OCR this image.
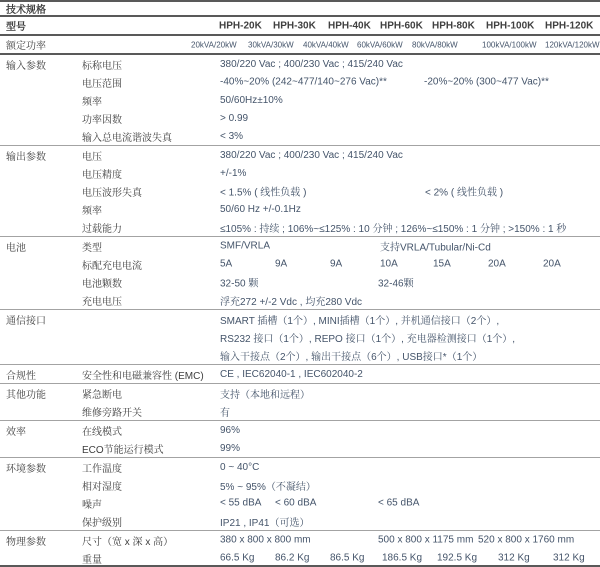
技术规格
型号	HPH-20K HPH-30K HPH-40K HPH-60K HPH-80K HPH-100K HPH-120K
额定功率	20kVA/20kW 30kVA/30kW 40kVA/40kW 60kVA/60kW 80kVA/80kW	100kVA/100kW 120kVA/120kW
输入参数	标称电压	380/220 Vac ; 400/230 Vac ; 415/240 Vac
电压范围	-40%~20% (242~477/140~276 Vac)**	-20%~20% (300~477 Vac)**
频率	50/60Hz±10%
功率因数	> 0.99
输入总电流谐波失真	< 3%
输出参数	电压	380/220 Vac ; 400/230 Vac ; 415/240 Vac
电压精度	+/-1%
电压波形失真	< 1.5% ( 线性负载 )	< 2% ( 线性负载 )
频率	50/60 Hz +/-0.1Hz
过载能力	≤105% : 持续 ; 106%~≤125% : 10 分钟 ; 126%~≤150% : 1 分钟 ; >150% : 1 秒
电池	类型	SMF/VRLA	支持VRLA/Tubular/Ni-Cd
标配充电电流	5A	9A	9A	10A	15A	20A	20A
电池颗数	32-50 颗	32-46颗
充电电压	浮充272 +/-2 Vdc , 均充280 Vdc
通信接口	SMART 插槽（1个）, MINI插槽（1个）, 并机通信接口（2个）,
RS232 接口（1个）, REPO 接口（1个）, 充电器检测接口（1个）,
输入干接点（2个）, 输出干接点（6个）, USB接口*（1个）
合规性	安全性和电磁兼容性 (EMC)	CE , IEC62040-1 , IEC602040-2
其他功能	紧急断电	支持（本地和远程）
维修旁路开关	有
效率	在线模式	96%
ECO节能运行模式	99%
环境参数	工作温度	0 ~ 40°C
相对湿度	5% ~ 95%（不凝结）
噪声	< 55 dBA < 60 dBA	< 65 dBA
保护级别	IP21 , IP41（可选）
物理参数	尺寸（宽 x 深 x 高）	380 x 800 x 800 mm	500 x 800 x 1175 mm 520 x 800 x 1760 mm
重量	66.5 Kg 86.2 Kg 86.5 Kg 186.5 Kg 192.5 Kg 312 Kg 312 Kg
